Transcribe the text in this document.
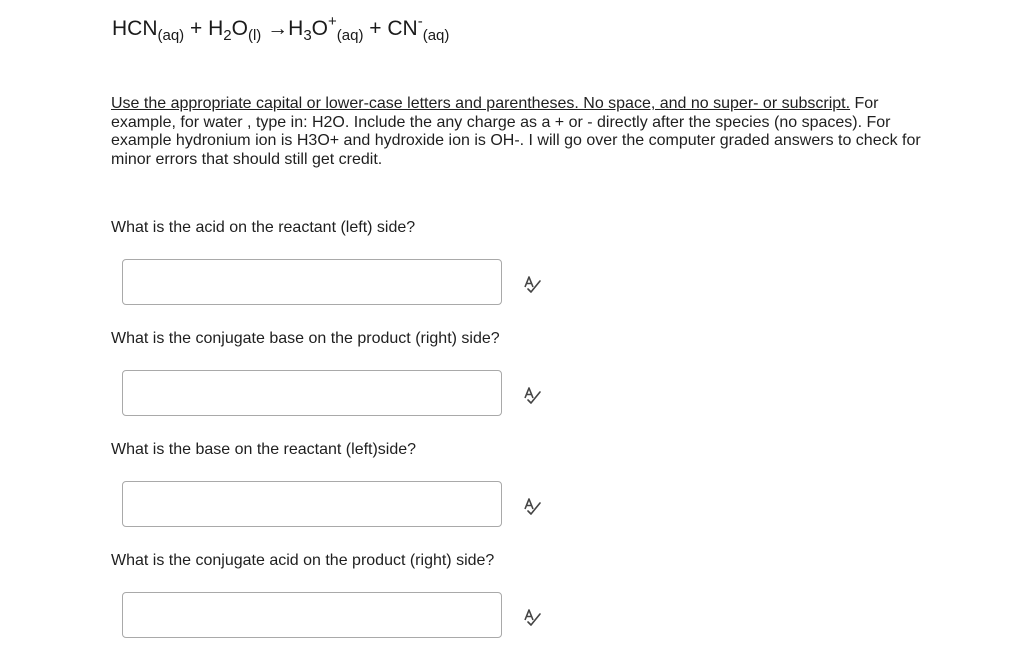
$HCN_{(aq)} + H_2O_{(l)} \to H_3O^+_{(aq)} + CN^-_{(aq)}$
Use the appropriate capital or lower-case letters and parentheses. No space, and no super- or subscript. For example, for water , type in: H2O. Include the any charge as a + or - directly after the species (no spaces). For example hydronium ion is H3O+ and hydroxide ion is OH-. I will go over the computer graded answers to check for minor errors that should still get credit.
What is the acid on the reactant (left) side?
What is the conjugate base on the product (right) side?
What is the base on the reactant (left)side?
What is the conjugate acid on the product (right) side?
